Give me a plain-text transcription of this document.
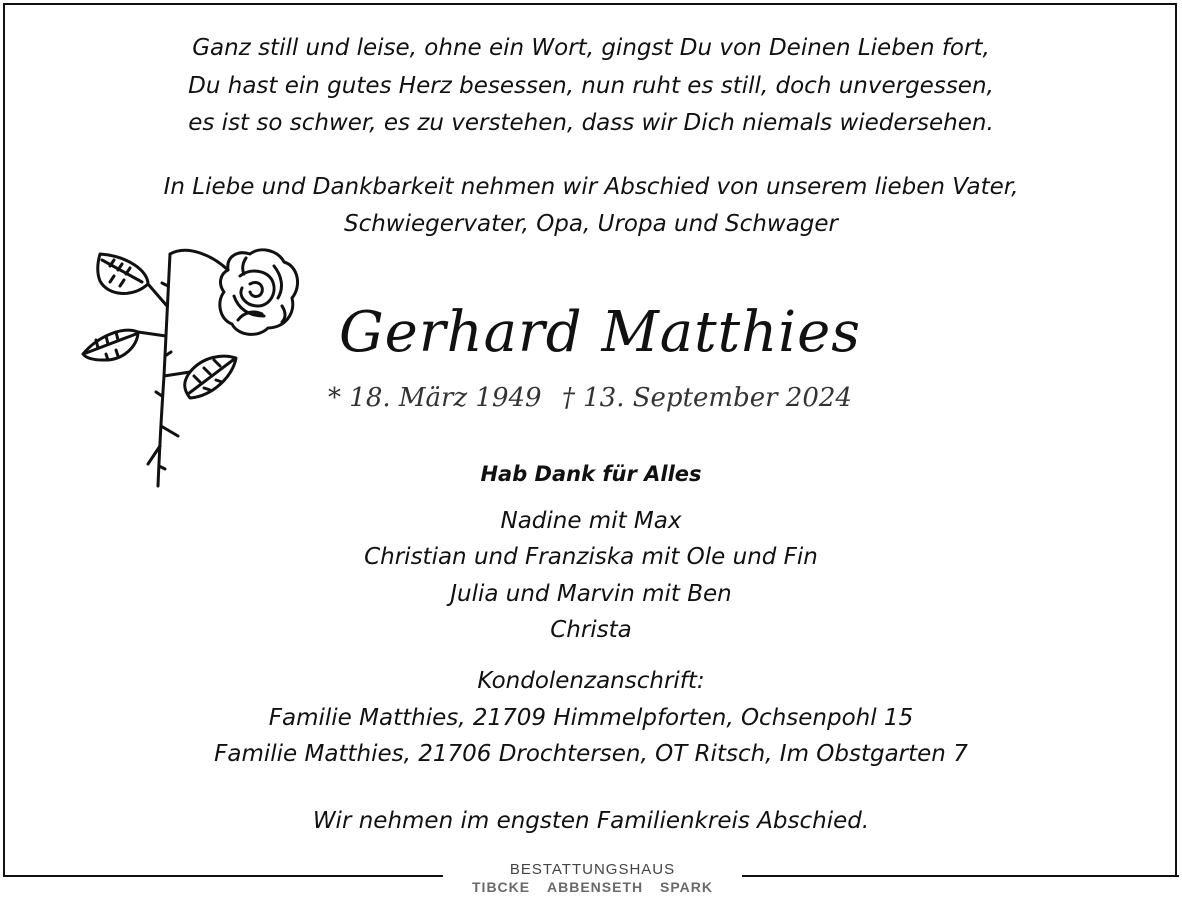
Ganz still und leise, ohne ein Wort, gingst Du von Deinen Lieben fort,
Du hast ein gutes Herz besessen, nun ruht es still, doch unvergessen,
es ist so schwer, es zu verstehen, dass wir Dich niemals wiedersehen.
In Liebe und Dankbarkeit nehmen wir Abschied von unserem lieben Vater,
Schwiegervater, Opa, Uropa und Schwager
Gerhard Matthies
* 18. März 1949 † 13. September 2024
Hab Dank für Alles
Nadine mit Max
Christian und Franziska mit Ole und Fin
Julia und Marvin mit Ben
Christa
Kondolenzanschrift:
Familie Matthies, 21709 Himmelpforten, Ochsenpohl 15
Familie Matthies, 21706 Drochtersen, OT Ritsch, Im Obstgarten 7
Wir nehmen im engsten Familienkreis Abschied.
BESTATTUNGSHAUS
TIBCKE ABBENSETH SPARK
